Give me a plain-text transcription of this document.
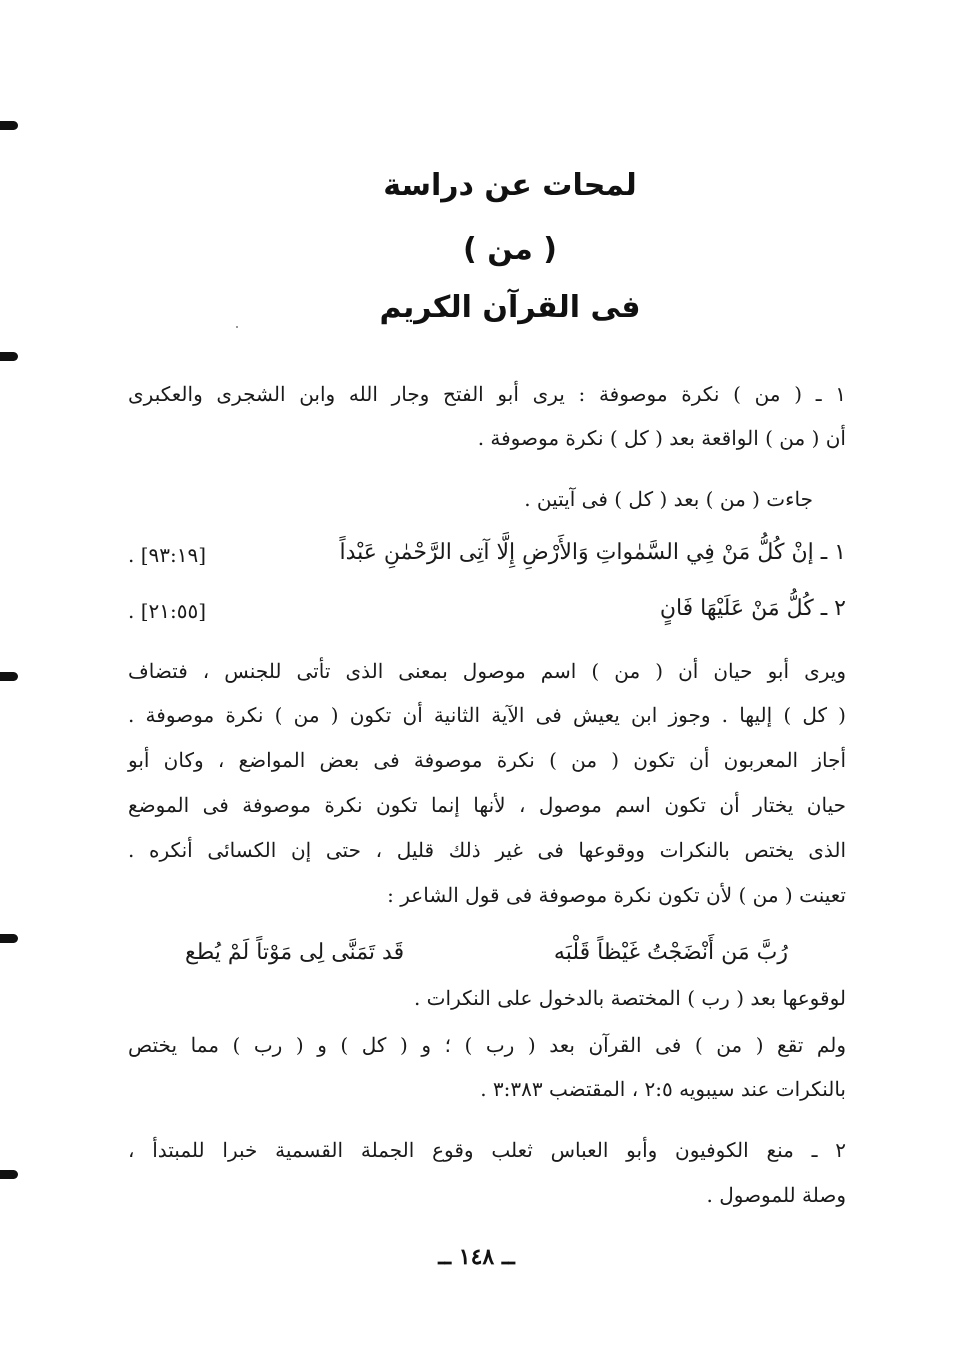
لمحات عن دراسة
( من )
فى القرآن الكريم
١ ـ ( من ) نكرة موصوفة : يرى أبو الفتح وجار الله وابن الشجرى والعكبرى
أن ( من ) الواقعة بعد ( كل ) نكرة موصوفة .
جاءت ( من ) بعد ( كل ) فى آيتين .
١ ـ إنْ كُلُّ مَنْ فِي السَّمٰواتِ وَالأَرْضِ إِلَّا آتِى الرَّحْمٰنِ عَبْداً
[٩٣:١٩] .
٢ ـ كُلُّ مَنْ عَلَيْهَا فَانٍ
[٢١:٥٥] .
ويرى أبو حيان أن ( من ) اسم موصول بمعنى الذى تأتى للجنس ، فتضاف
( كل ) إليها . وجوز ابن يعيش فى الآية الثانية أن تكون ( من ) نكرة موصوفة .
أجاز المعربون أن تكون ( من ) نكرة موصوفة فى بعض المواضع ، وكان أبو
حيان يختار أن تكون اسم موصول ، لأنها إنما تكون نكرة موصوفة فى الموضع
الذى يختص بالنكرات ووقوعها فى غير ذلك قليل ، حتى إن الكسائى أنكره .
تعينت ( من ) لأن تكون نكرة موصوفة فى قول الشاعر :
رُبَّ مَن أَنْضَجْتُ غَيْظاً قَلْبَه
قَد تَمَنَّى لِى مَوْتاً لَمْ يُطع
لوقوعها بعد ( رب ) المختصة بالدخول على النكرات .
ولم تقع ( من ) فى القرآن بعد ( رب ) ؛ و ( كل ) و ( رب ) مما يختص
بالنكرات عند سيبويه ٢:٥ ، المقتضب ٣:٣٨٣ .
٢ ـ منع الكوفيون وأبو العباس ثعلب وقوع الجملة القسمية خبرا للمبتدأ ،
وصلة للموصول .
ــ ١٤٨ ــ
